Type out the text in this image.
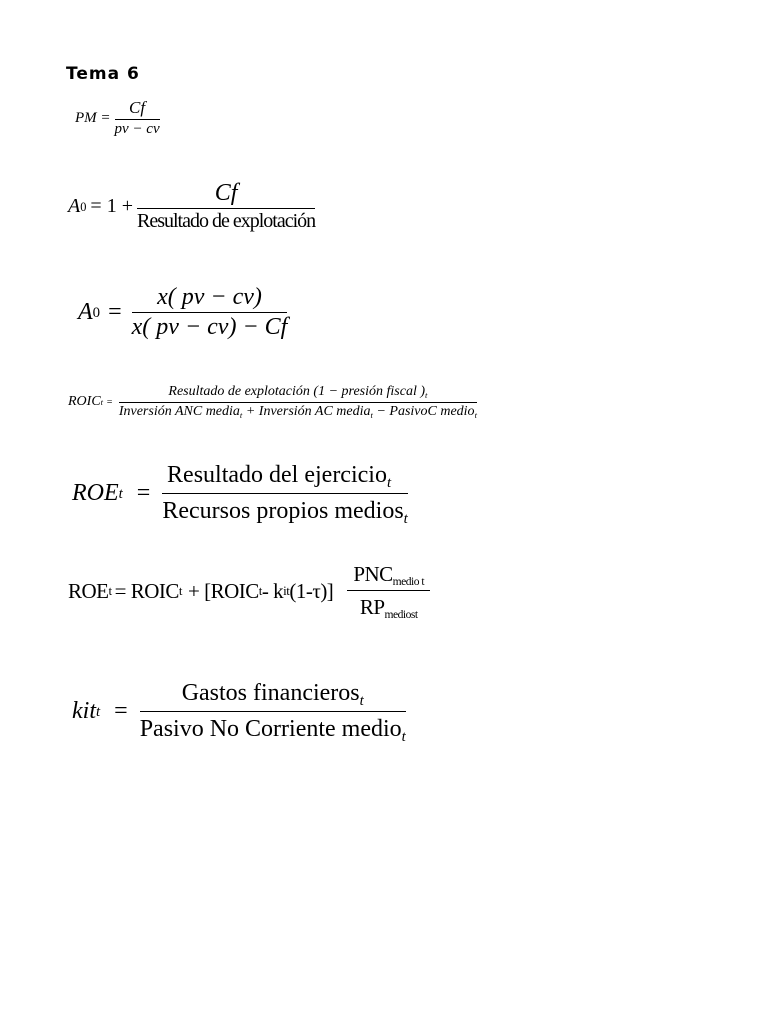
Tema 6
PM = $\frac{Cf}{pv - cv}$
A $0 = 1 + \frac{Cf}{\text{Resultado de explotación}}$
A $0 = \frac{x( pv - cv)}{x( pv - cv) - Cf}$
ROIC t =
Resultado de explotación (1 − presión fiscal )$_t$
Inversión ANC media$_t$ + Inversión AC media$_t$ − PasivoC medio$_t$
ROE $t = \frac{Resultado del ejercicio_t}{Recursos propios medios_t}$
ROE t = ROIC t + [ROIC t - k it $(1-\tau)] \frac{PNC_{medio t}}{RP_{mediost}}$
kit $t = \frac{Gastos financieros_t}{Pasivo No Corriente medio_t}$
